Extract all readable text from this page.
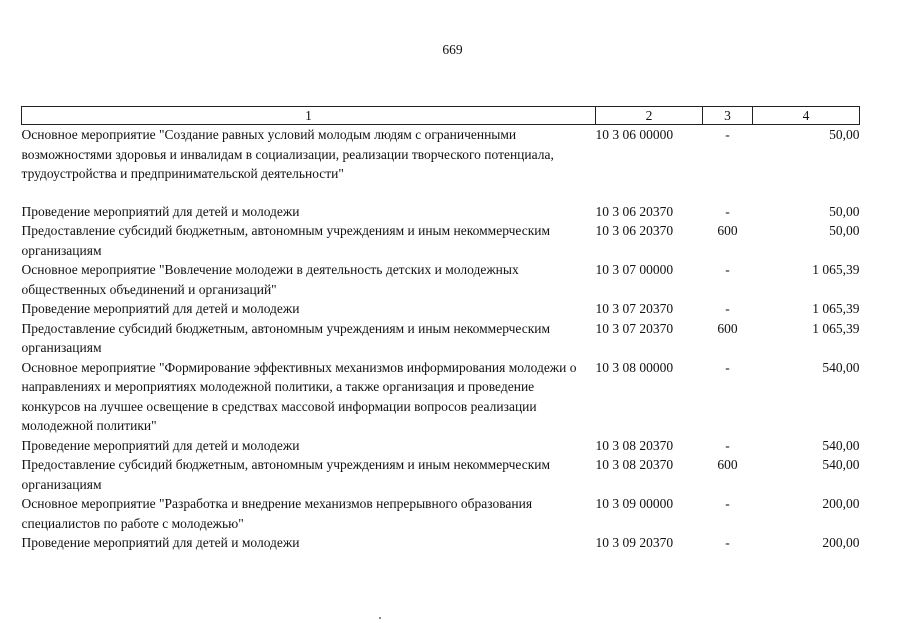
669
1	2	3	4
Основное мероприятие "Создание равных условий молодым людям с ограниченными возможностями здоровья и инвалидам в социализации, реализации творческого потенциала, трудоустройства и предпринимательской деятельности"	10 3 06 00000	-	50,00

Проведение мероприятий для детей и молодежи	10 3 06 20370	-	50,00
Предоставление субсидий бюджетным, автономным учреждениям и иным некоммерческим организациям	10 3 06 20370	600	50,00
Основное мероприятие "Вовлечение молодежи в деятельность детских и молодежных общественных объединений и организаций"	10 3 07 00000	-	1 065,39
Проведение мероприятий для детей и молодежи	10 3 07 20370	-	1 065,39
Предоставление субсидий бюджетным, автономным учреждениям и иным некоммерческим организациям	10 3 07 20370	600	1 065,39
Основное мероприятие "Формирование эффективных механизмов информирования молодежи о направлениях и мероприятиях молодежной политики, а также организация и проведение конкурсов на лучшее освещение в средствах массовой информации вопросов реализации молодежной политики"	10 3 08 00000	-	540,00
Проведение мероприятий для детей и молодежи	10 3 08 20370	-	540,00
Предоставление субсидий бюджетным, автономным учреждениям и иным некоммерческим организациям	10 3 08 20370	600	540,00
Основное мероприятие "Разработка и внедрение механизмов непрерывного образования специалистов по работе с молодежью"	10 3 09 00000	-	200,00
Проведение мероприятий для детей и молодежи	10 3 09 20370	-	200,00
